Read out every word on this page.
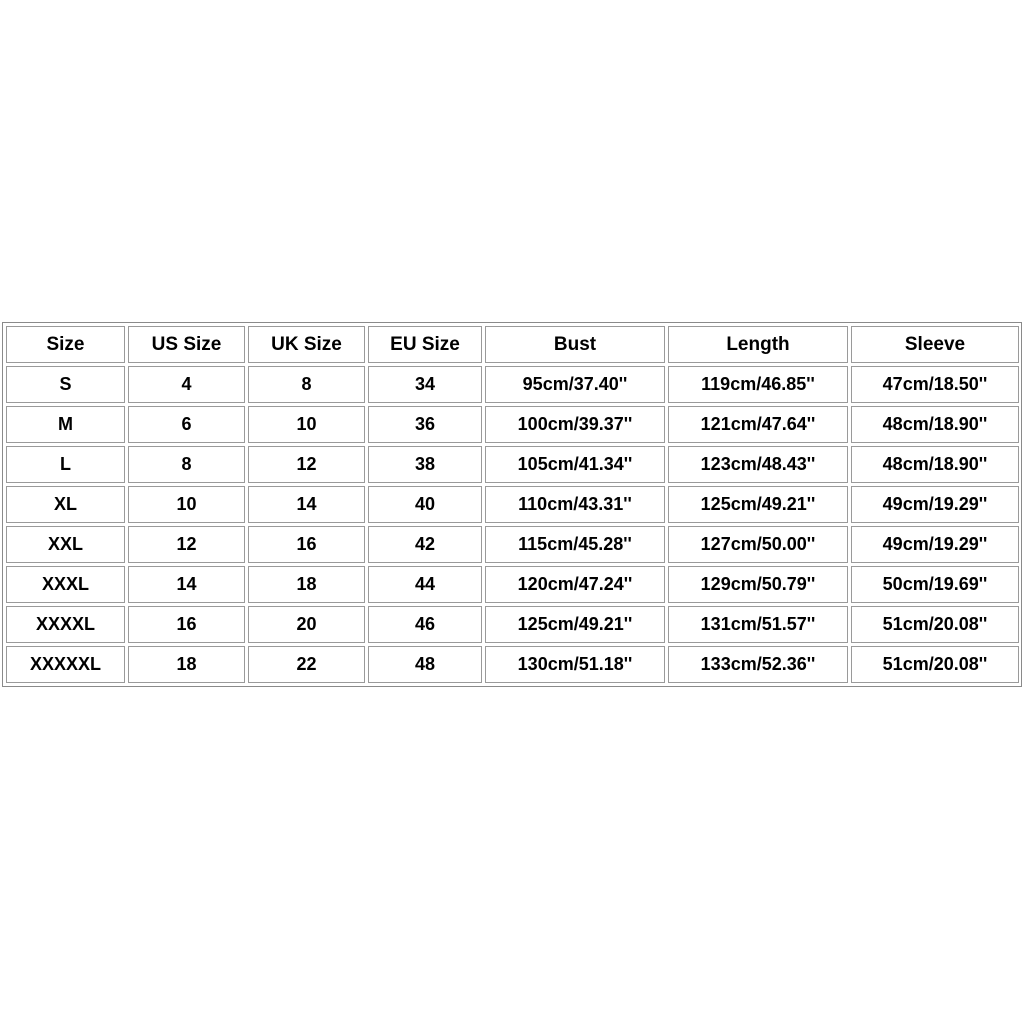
Size	US Size	UK Size	EU Size	Bust	Length	Sleeve
S	4	8	34	95cm/37.40''	119cm/46.85''	47cm/18.50''
M	6	10	36	100cm/39.37''	121cm/47.64''	48cm/18.90''
L	8	12	38	105cm/41.34''	123cm/48.43''	48cm/18.90''
XL	10	14	40	110cm/43.31''	125cm/49.21''	49cm/19.29''
XXL	12	16	42	115cm/45.28''	127cm/50.00''	49cm/19.29''
XXXL	14	18	44	120cm/47.24''	129cm/50.79''	50cm/19.69''
XXXXL	16	20	46	125cm/49.21''	131cm/51.57''	51cm/20.08''
XXXXXL	18	22	48	130cm/51.18''	133cm/52.36''	51cm/20.08''
